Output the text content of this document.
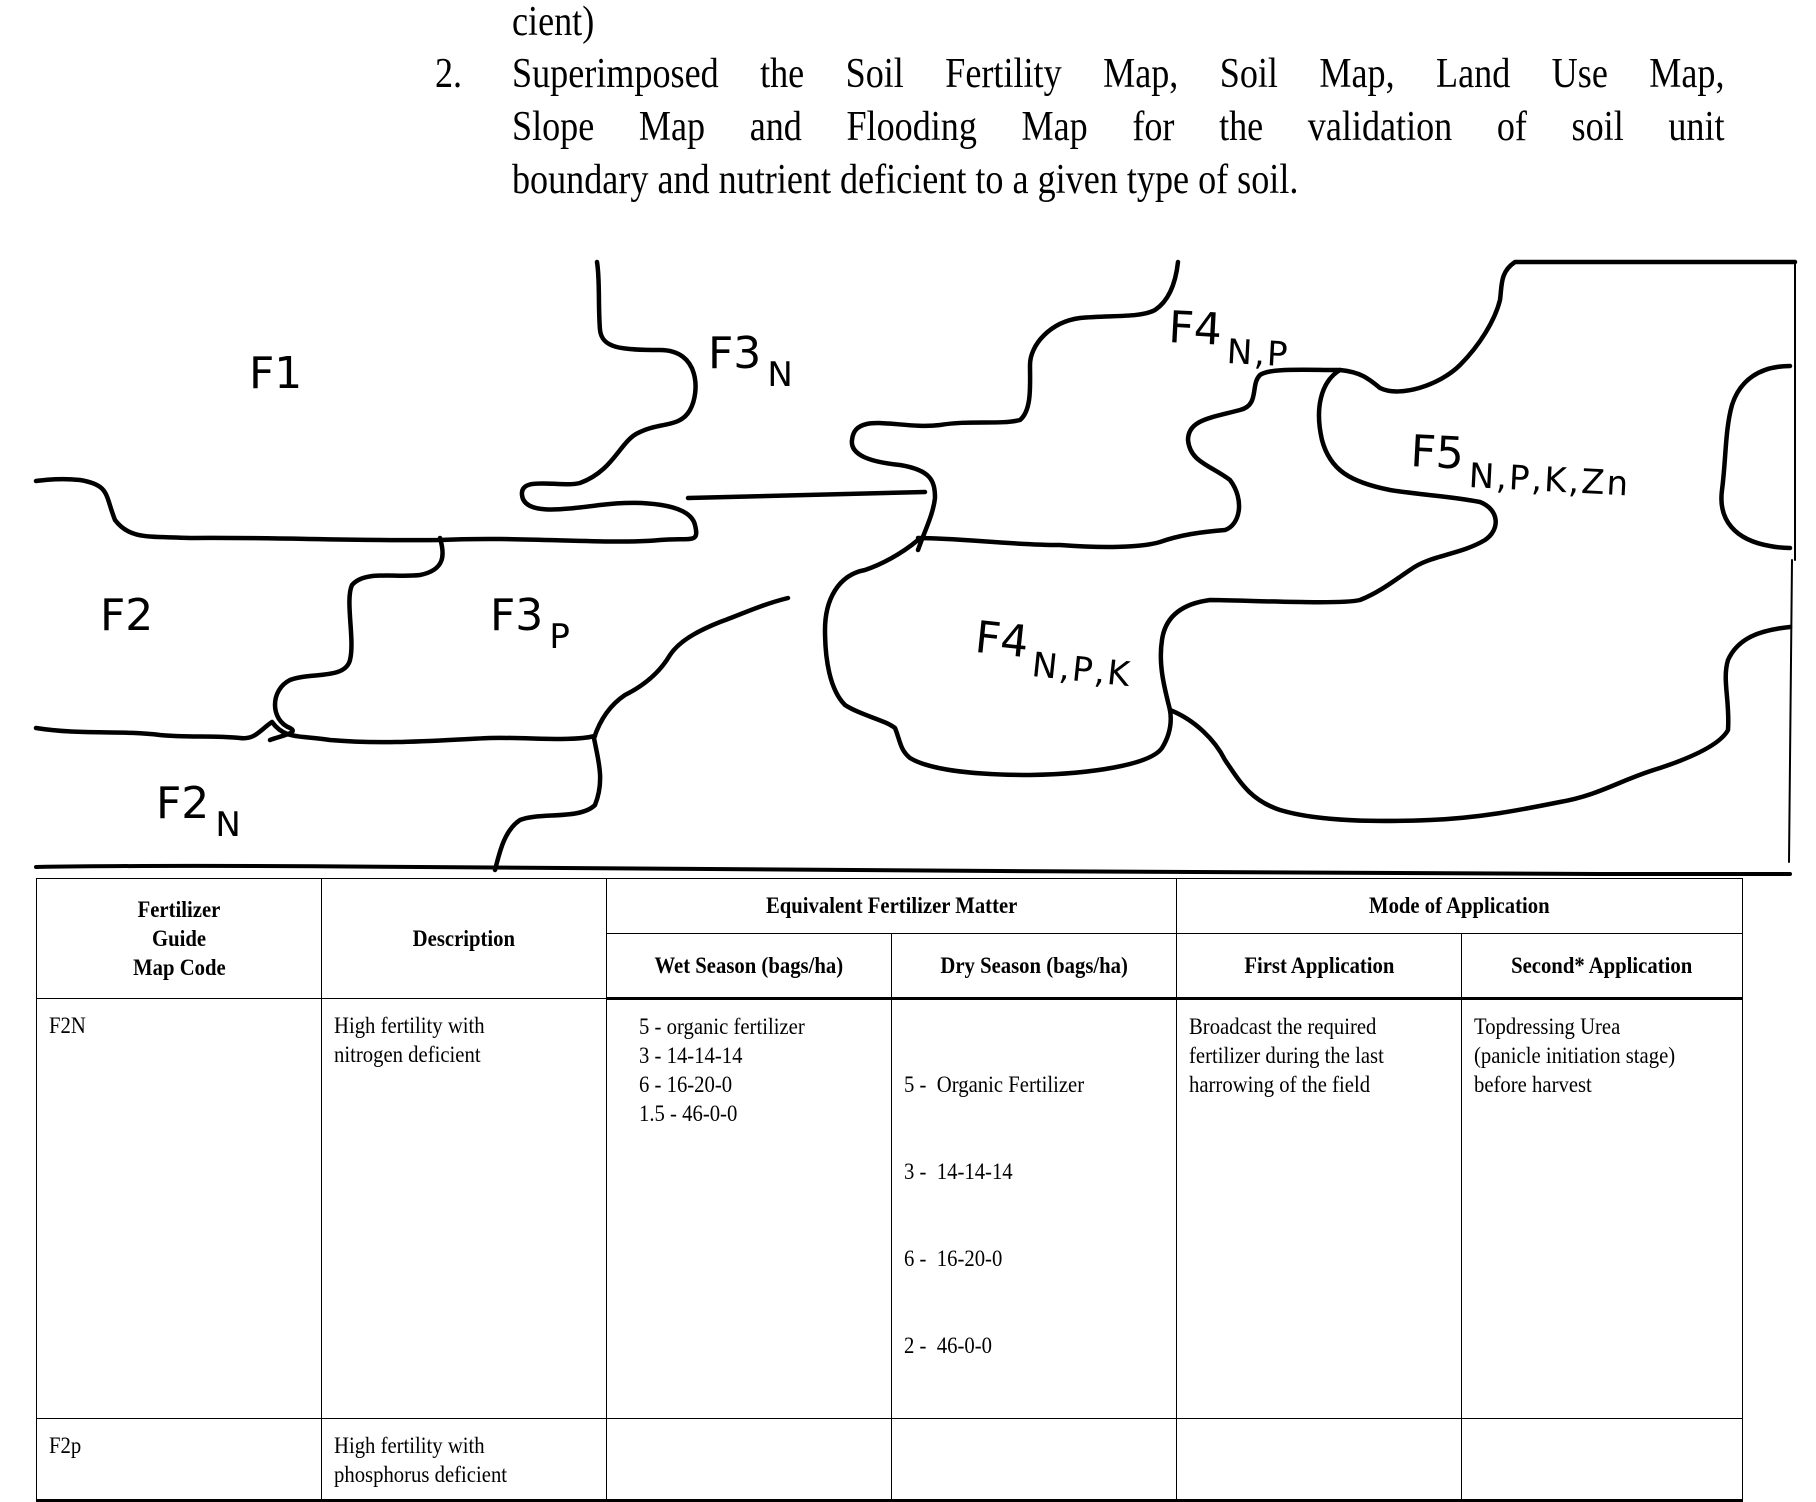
cient)
2. Superimposed the Soil Fertility Map, Soil Map, Land Use Map,
Slope Map and Flooding Map for the validation of soil unit
boundary and nutrient deficient to a given type of soil.
F1	F3 $_N$
$F4_{N,P}$
$F5_{N,P,K,Zn}$
F2	F3 $_P$	$F4_{N,P,K}$
F2 $_N$
Fertilizer
Guide
Map Code	Description	Equivalent Fertilizer Matter		Mode of Application	
		Wet Season (bags/ha)	Dry Season (bags/ha)	First Application	Second* Application

F2N	High fertility with
nitrogen deficient	5 - organic fertilizer
3 - 14-14-14
6 - 16-20-0
1.5 - 46-0-0	5 -  Organic Fertilizer

3 -  14-14-14

6 -  16-20-0

2 -  46-0-0	Broadcast the required
fertilizer during the last
harrowing of the field	Topdressing Urea
(panicle initiation stage)
before harvest

F2p	High fertility with
phosphorus deficient				
